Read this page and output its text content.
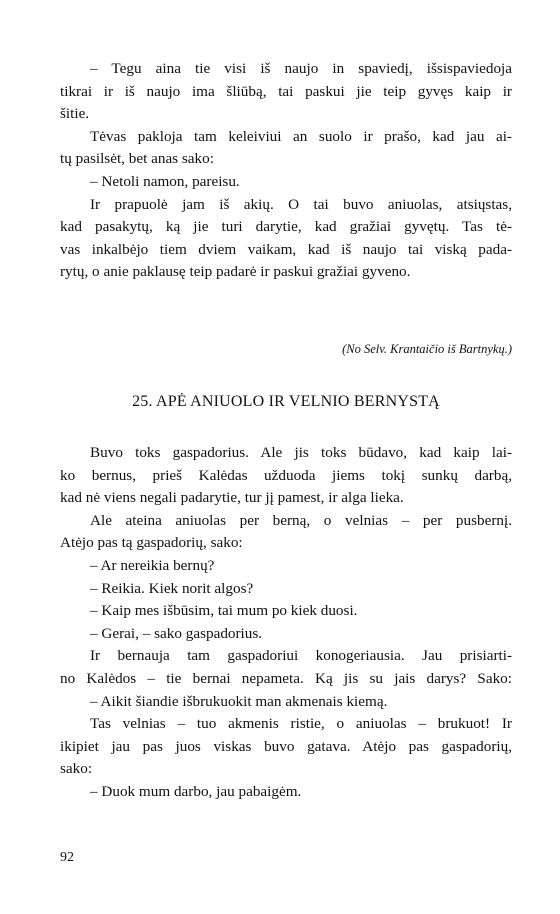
– Tegu aina tie visi iš naujo in spaviedį, išsispaviedoja
tikrai ir iš naujo ima šliūbą, tai paskui jie teip gyvęs kaip ir
šitie.
Tėvas pakloja tam keleiviui an suolo ir prašo, kad jau ai-
tų pasilsėt, bet anas sako:
– Netoli namon, pareisu.
Ir prapuolė jam iš akių. O tai buvo aniuolas, atsiųstas,
kad pasakytų, ką jie turi darytie, kad gražiai gyvętų. Tas tė-
vas inkalbėjo tiem dviem vaikam, kad iš naujo tai viską pada-
rytų, o anie paklausę teip padarė ir paskui gražiai gyveno.
(No Selv. Krantaičio iš Bartnykų.)
25. APĖ ANIUOLO IR VELNIO BERNYSTĄ
Buvo toks gaspadorius. Ale jis toks būdavo, kad kaip lai-
ko bernus, prieš Kalėdas užduoda jiems tokį sunkų darbą,
kad nė viens negali padarytie, tur jį pamest, ir alga lieka.
Ale ateina aniuolas per berną, o velnias – per pusbernį.
Atėjo pas tą gaspadorių, sako:
– Ar nereikia bernų?
– Reikia. Kiek norit algos?
– Kaip mes išbūsim, tai mum po kiek duosi.
– Gerai, – sako gaspadorius.
Ir bernauja tam gaspadoriui konogeriausia. Jau prisiarti-
no Kalėdos – tie bernai nepameta. Ką jis su jais darys? Sako:
– Aikit šiandie išbrukuokit man akmenais kiemą.
Tas velnias – tuo akmenis ristie, o aniuolas – brukuot! Ir
ikipiet jau pas juos viskas buvo gatava. Atėjo pas gaspadorių,
sako:
– Duok mum darbo, jau pabaigėm.
92
